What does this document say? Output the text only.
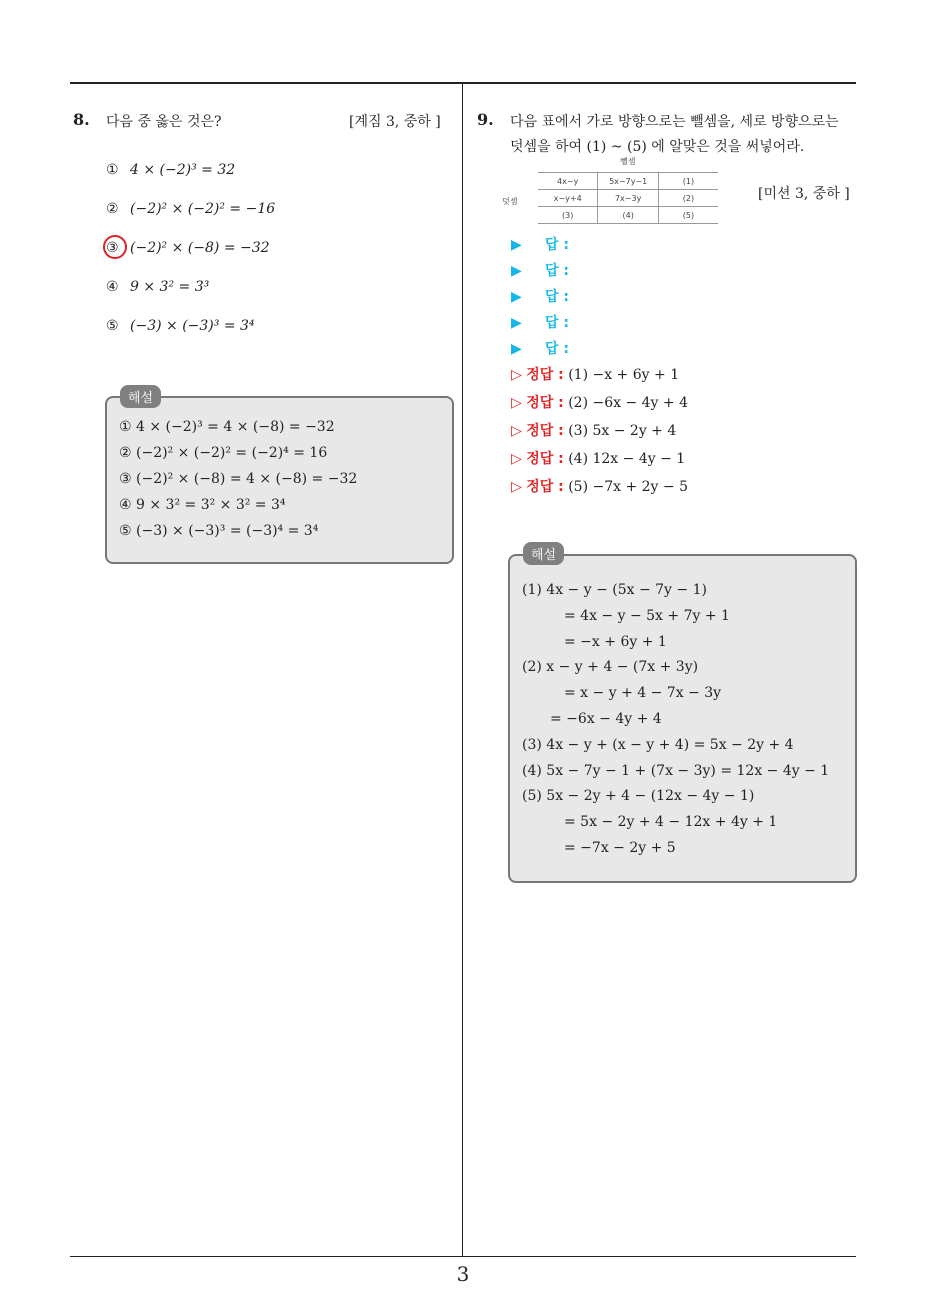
3
8. 다음 중 옳은 것은?	[계짐 3, 중하 ]
① 4 × (−2)³ = 32
② (−2)² × (−2)² = −16
③ (−2)² × (−8) = −32
④ 9 × 3² = 3³
⑤ (−3) × (−3)³ = 3⁴
① 4 × (−2)³ = 4 × (−8) = −32
② (−2)² × (−2)² = (−2)⁴ = 16
③ (−2)² × (−8) = 4 × (−8) = −32
④ 9 × 3² = 3² × 3² = 3⁴
⑤ (−3) × (−3)³ = (−3)⁴ = 3⁴
해설
9. 다음 표에서 가로 방향으로는 뺄셈을, 세로 방향으로는
덧셈을 하여 (1) ~ (5) 에 알맞은 것을 써넣어라.
[미션 3, 중하 ]
뺄셈
덧셈
4x−y	5x−7y−1	(1)
x−y+4	7x−3y	(2)
(3)	(4)	(5)
▶ 답 :
▶ 답 :
▶ 답 :
▶ 답 :
▶ 답 :
▷ 정답 : (1) −x + 6y + 1
▷ 정답 : (2) −6x − 4y + 4
▷ 정답 : (3) 5x − 2y + 4
▷ 정답 : (4) 12x − 4y − 1
▷ 정답 : (5) −7x + 2y − 5
(1) 4x − y − (5x − 7y − 1)
= 4x − y − 5x + 7y + 1
= −x + 6y + 1
(2) x − y + 4 − (7x + 3y)
= x − y + 4 − 7x − 3y
= −6x − 4y + 4
(3) 4x − y + (x − y + 4) = 5x − 2y + 4
(4) 5x − 7y − 1 + (7x − 3y) = 12x − 4y − 1
(5) 5x − 2y + 4 − (12x − 4y − 1)
= 5x − 2y + 4 − 12x + 4y + 1
= −7x − 2y + 5
해설
